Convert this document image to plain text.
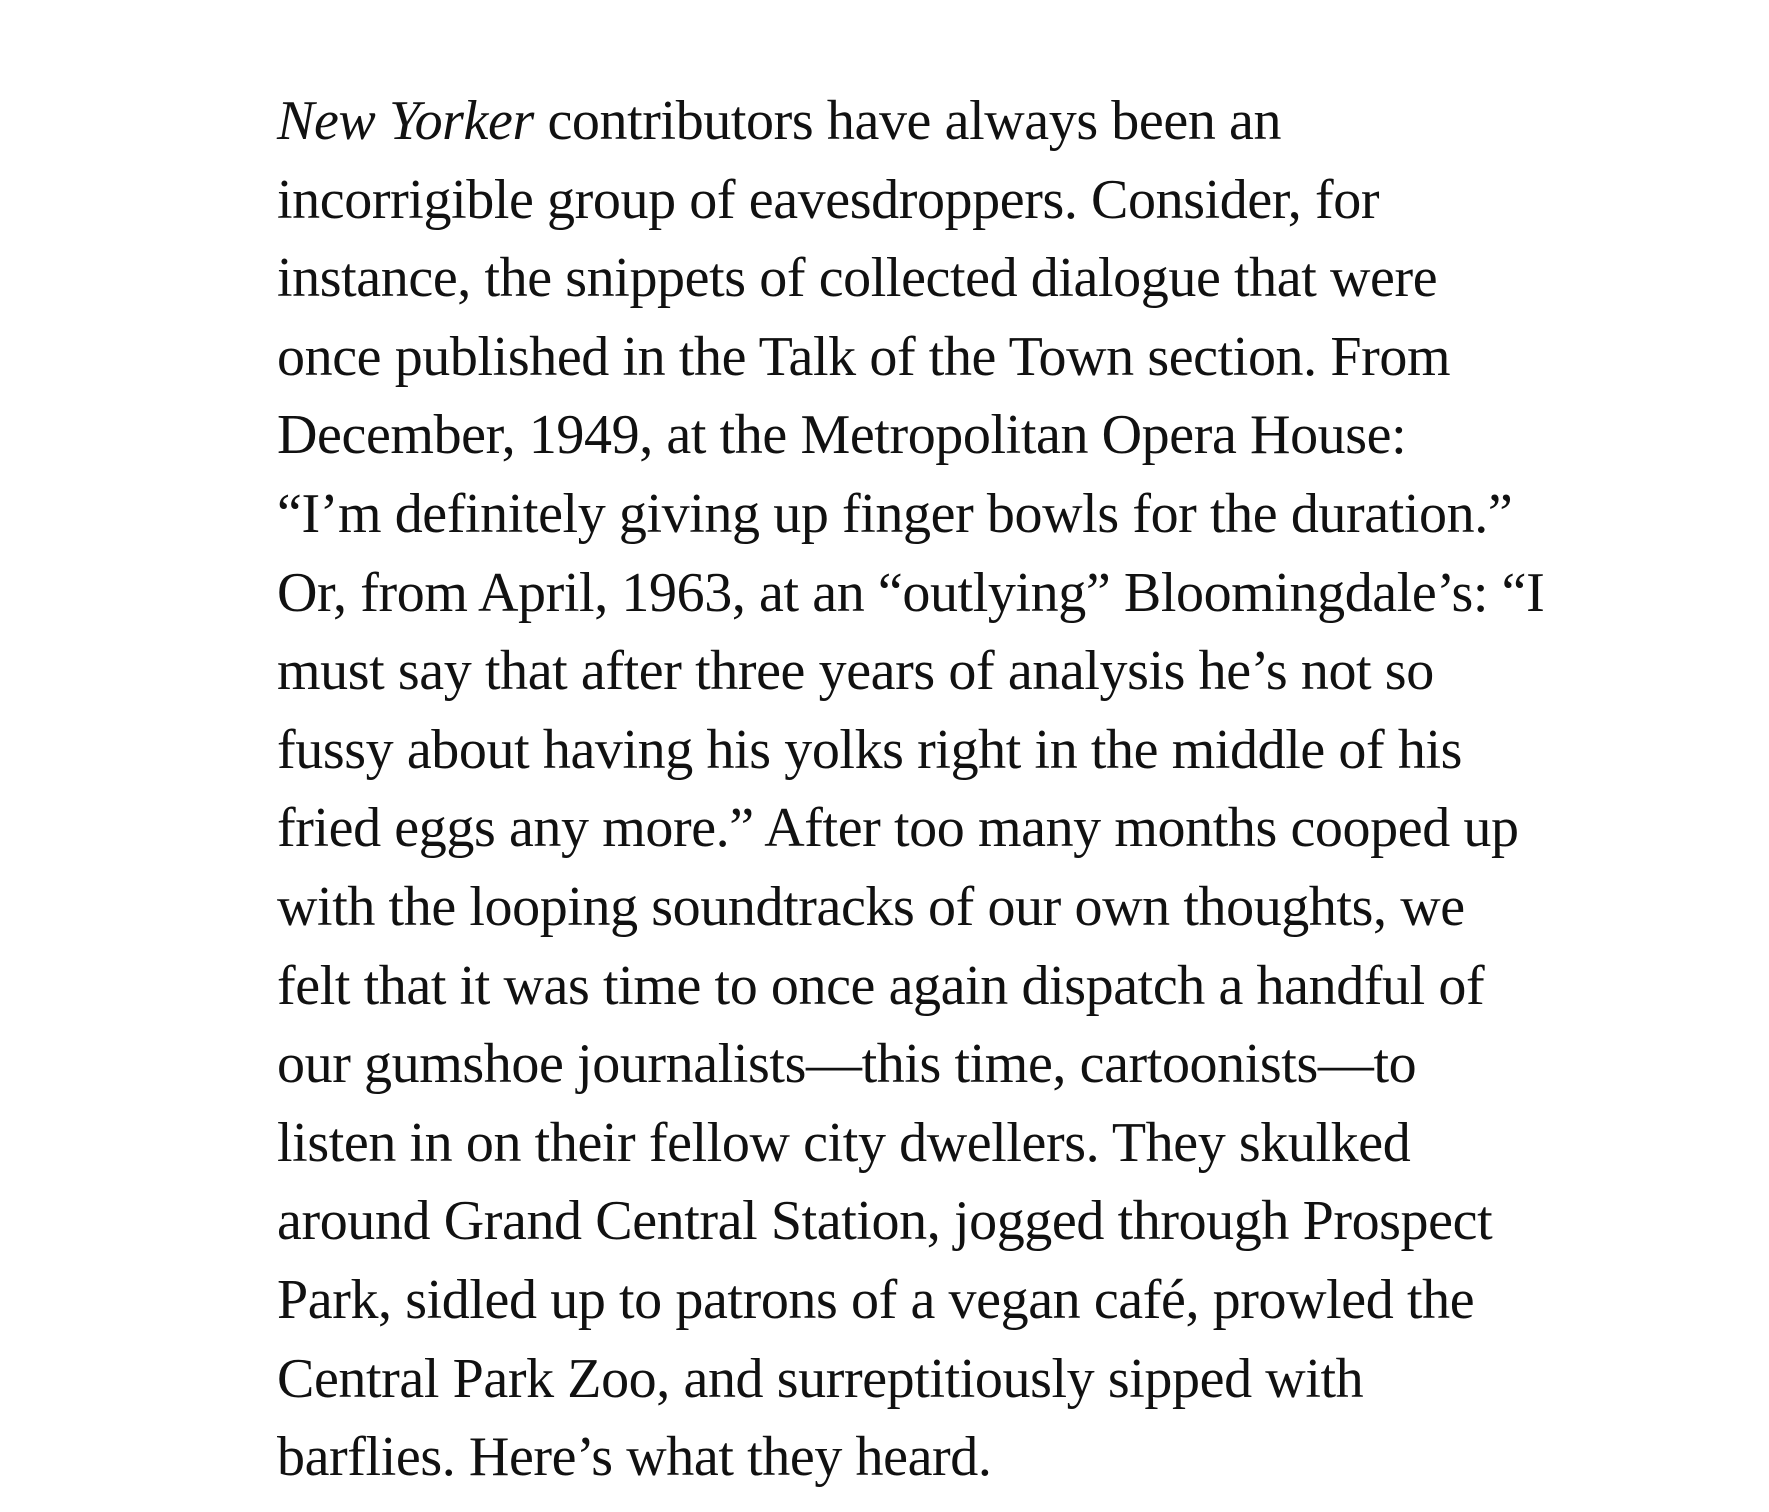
New Yorker contributors have always been an
incorrigible group of eavesdroppers. Consider, for
instance, the snippets of collected dialogue that were
once published in the Talk of the Town section. From
December, 1949, at the Metropolitan Opera House:
“I’m definitely giving up finger bowls for the duration.”
Or, from April, 1963, at an “outlying” Bloomingdale’s: “I
must say that after three years of analysis he’s not so
fussy about having his yolks right in the middle of his
fried eggs any more.” After too many months cooped up
with the looping soundtracks of our own thoughts, we
felt that it was time to once again dispatch a handful of
our gumshoe journalists—this time, cartoonists—to
listen in on their fellow city dwellers. They skulked
around Grand Central Station, jogged through Prospect
Park, sidled up to patrons of a vegan café, prowled the
Central Park Zoo, and surreptitiously sipped with
barflies. Here’s what they heard.
